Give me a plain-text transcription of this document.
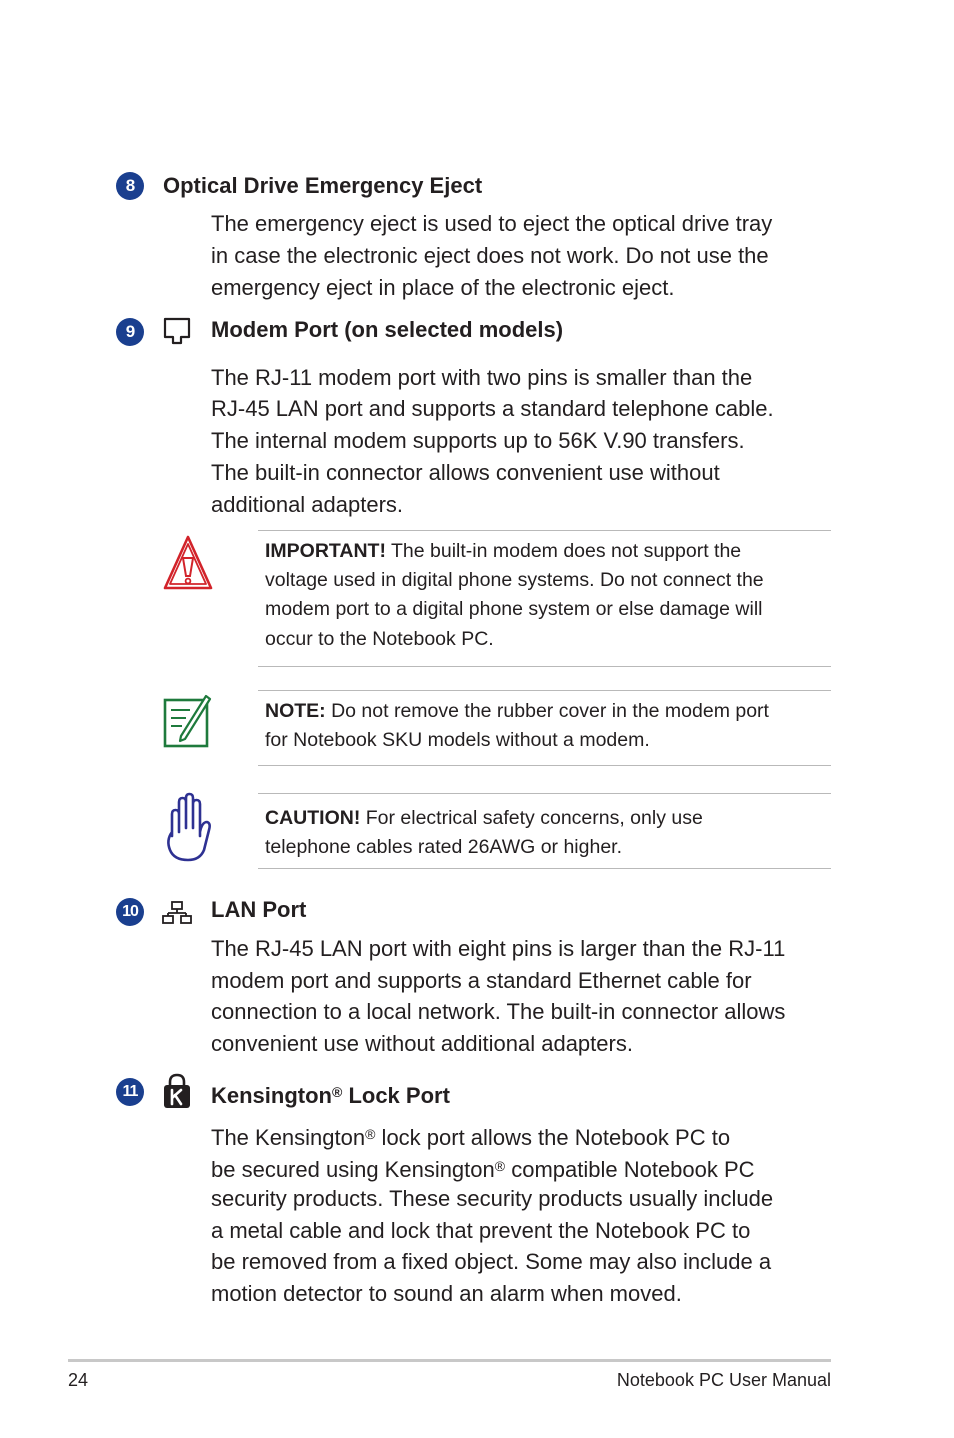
8	Optical Drive Emergency Eject
The emergency eject is used to eject the optical drive tray
in case the electronic eject does not work. Do not use the
emergency eject in place of the electronic eject.
9	Modem Port (on selected models)
The RJ-11 modem port with two pins is smaller than the
RJ-45 LAN port and supports a standard telephone cable.
The internal modem supports up to 56K V.90 transfers.
The built-in connector allows convenient use without
additional adapters.
IMPORTANT! The built-in modem does not support the
voltage used in digital phone systems. Do not connect the
modem port to a digital phone system or else damage will
occur to the Notebook PC.
NOTE: Do not remove the rubber cover in the modem port
for Notebook SKU models without a modem.
CAUTION! For electrical safety concerns, only use
telephone cables rated 26AWG or higher.
10	LAN Port
The RJ-45 LAN port with eight pins is larger than the RJ-11
modem port and supports a standard Ethernet cable for
connection to a local network. The built-in connector allows
convenient use without additional adapters.
11	Kensington® Lock Port
The Kensington® lock port allows the Notebook PC to
be secured using Kensington® compatible Notebook PC
security products. These security products usually include
a metal cable and lock that prevent the Notebook PC to
be removed from a fixed object. Some may also include a
motion detector to sound an alarm when moved.
24	Notebook PC User Manual
